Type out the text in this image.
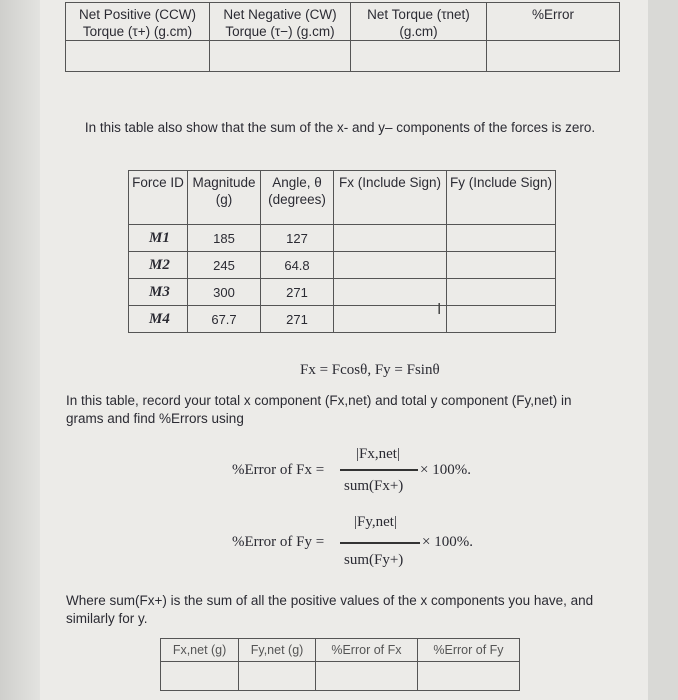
Net Positive (CCW) Torque (τ+) (g.cm)	Net Negative (CW) Torque (τ−) (g.cm)	Net Torque (τnet) (g.cm)	%Error

In this table also show that the sum of the x- and y– components of the forces is zero.
Force ID	Magnitude (g)	Angle, θ (degrees)	Fx (Include Sign)	Fy (Include Sign)
M1	185	127		
M2	245	64.8		
M3	300	271		
M4	67.7	271		
Ⅰ
Fx = Fcosθ, Fy = Fsinθ
In this table, record your total x component (Fx,net) and total y component (Fy,net) in grams and find %Errors using
%Error of Fx =
|Fx,net|
sum(Fx+)
× 100%.
%Error of Fy =
|Fy,net|
sum(Fy+)
× 100%.
Where sum(Fx+) is the sum of all the positive values of the x components you have, and similarly for y.
Fx,net (g)	Fy,net (g)	%Error of Fx	%Error of Fy
